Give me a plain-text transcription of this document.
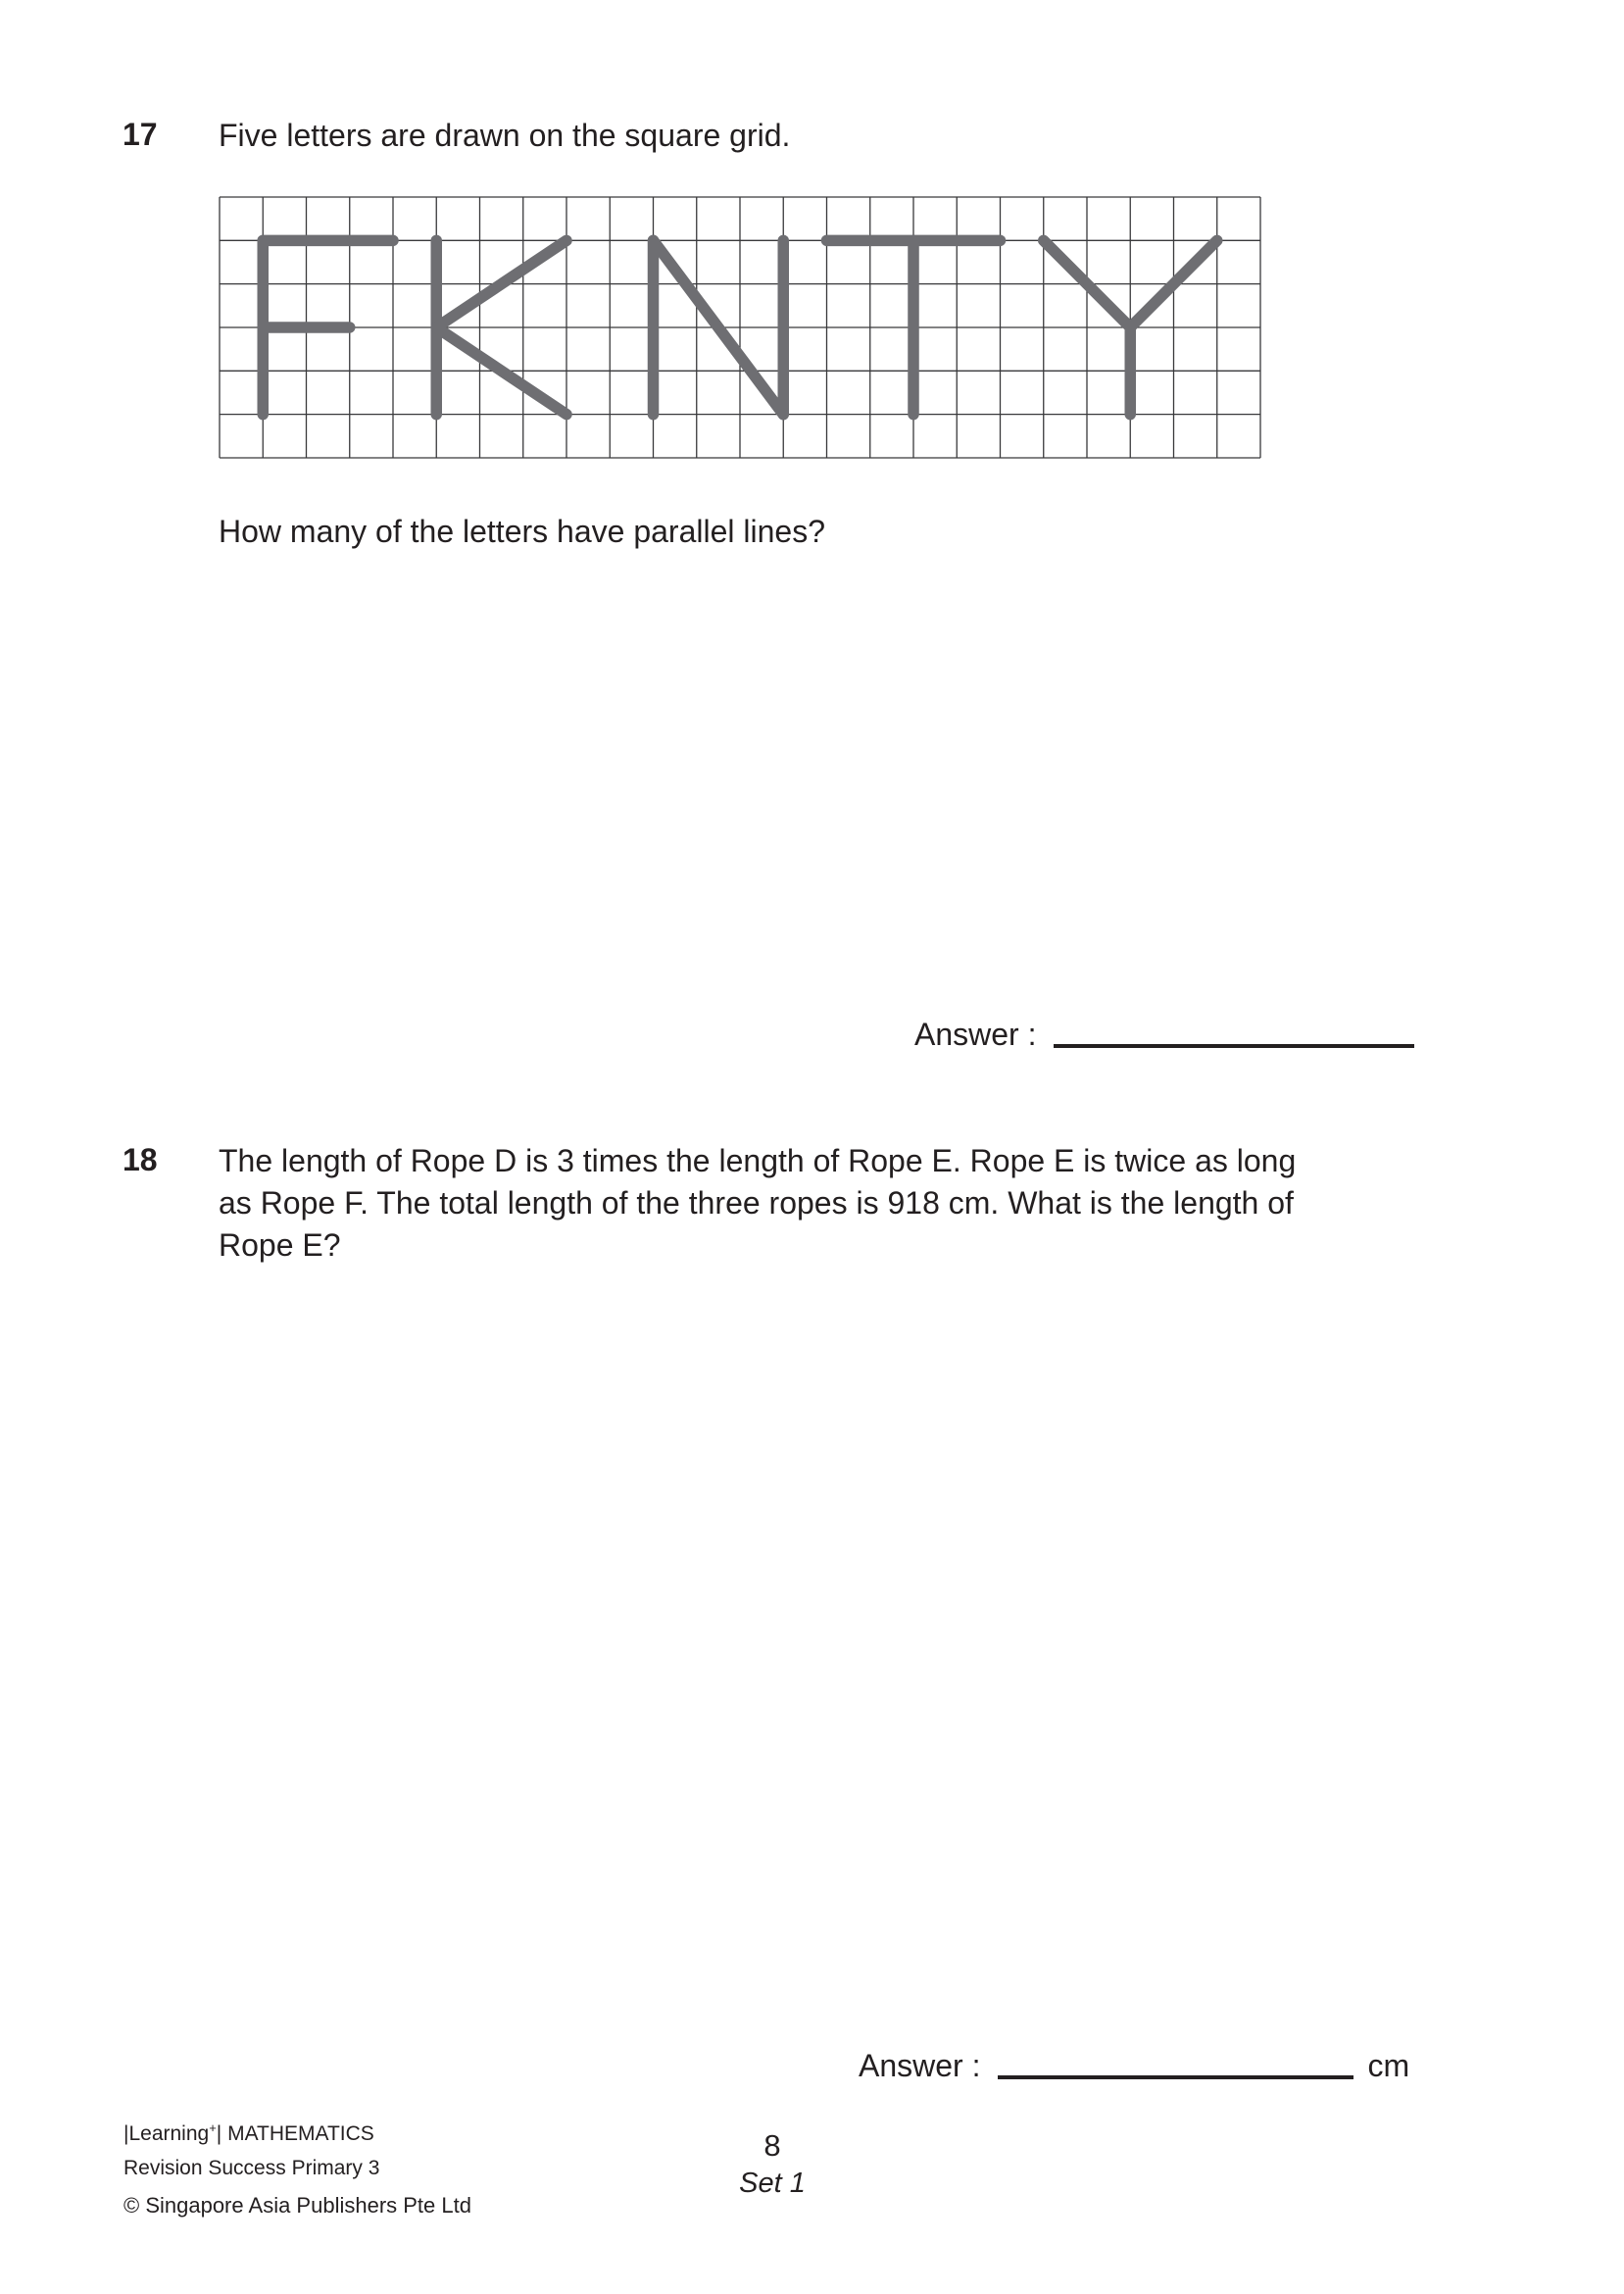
17 Five letters are drawn on the square grid.
How many of the letters have parallel lines?
Answer :
18 The length of Rope D is 3 times the length of Rope E. Rope E is twice as long
as Rope F. The total length of the three ropes is 918 cm. What is the length of
Rope E?
Answer :	cm
|Learning+| MATHEMATICS
Revision Success Primary 3
© Singapore Asia Publishers Pte Ltd
8
Set 1
